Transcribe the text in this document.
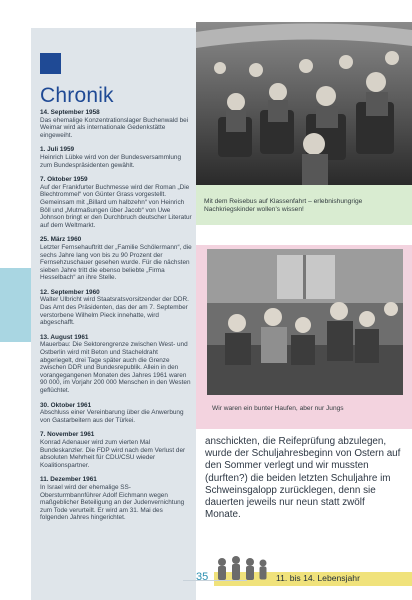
Chronik
14. September 1958
Das ehemalige Konzentrationslager Buchenwald bei Weimar wird als internationale Gedenkstätte eingeweiht.
1. Juli 1959
Heinrich Lübke wird von der Bundesversammlung zum Bundespräsidenten gewählt.
7. Oktober 1959
Auf der Frankfurter Buchmesse wird der Roman „Die Blechtrommel“ von Günter Grass vorgestellt. Gemeinsam mit „Billard um halbzehn“ von Heinrich Böll und „Mutmaßungen über Jacob“ von Uwe Johnson bringt er den Durchbruch deutscher Literatur auf dem Weltmarkt.
25. März 1960
Letzter Fernsehauftritt der „Familie Schölermann“, die sechs Jahre lang von bis zu 90 Prozent der Fernsehzuschauer gesehen wurde. Für die nächsten sieben Jahre tritt die ebenso beliebte „Firma Hesselbach“ an ihre Stelle.
12. September 1960
Walter Ulbricht wird Staatsratsvorsitzender der DDR. Das Amt des Präsidenten, das der am 7. September verstorbene Wilhelm Pieck innehatte, wird abgeschafft.
13. August 1961
Mauerbau: Die Sektorengrenze zwischen West- und Ostberlin wird mit Beton und Stacheldraht abgeriegelt, drei Tage später auch die Grenze zwischen DDR und Bundesrepublik. Allein in den vorangegangenen Monaten des Jahres 1961 waren 90 000, im Vorjahr 200 000 Menschen in den Westen geflüchtet.
30. Oktober 1961
Abschluss einer Vereinbarung über die Anwerbung von Gastarbeitern aus der Türkei.
7. November 1961
Konrad Adenauer wird zum vierten Mal Bundeskanzler. Die FDP wird nach dem Verlust der absoluten Mehrheit für CDU/CSU wieder Koalitionspartner.
11. Dezember 1961
In Israel wird der ehemalige SS-Obersturmbannführer Adolf Eichmann wegen maßgeblicher Beteiligung an der Judenvernichtung zum Tode verurteilt. Er wird am 31. Mai des folgenden Jahres hingerichtet.
Mit dem Reisebus auf Klassenfahrt – erlebnishungrige Nachkriegskinder wollen's wissen!
Wir waren ein bunter Haufen, aber nur Jungs

anschickten, die Reifeprüfung abzulegen, wurde der Schuljahresbeginn von Ostern auf den Sommer verlegt und wir mussten (durften?) die beiden letzten Schuljahre im Schweinsgalopp zurücklegen, denn sie dauerten jeweils nur neun statt zwölf Monate.

35	11. bis 14. Lebensjahr
